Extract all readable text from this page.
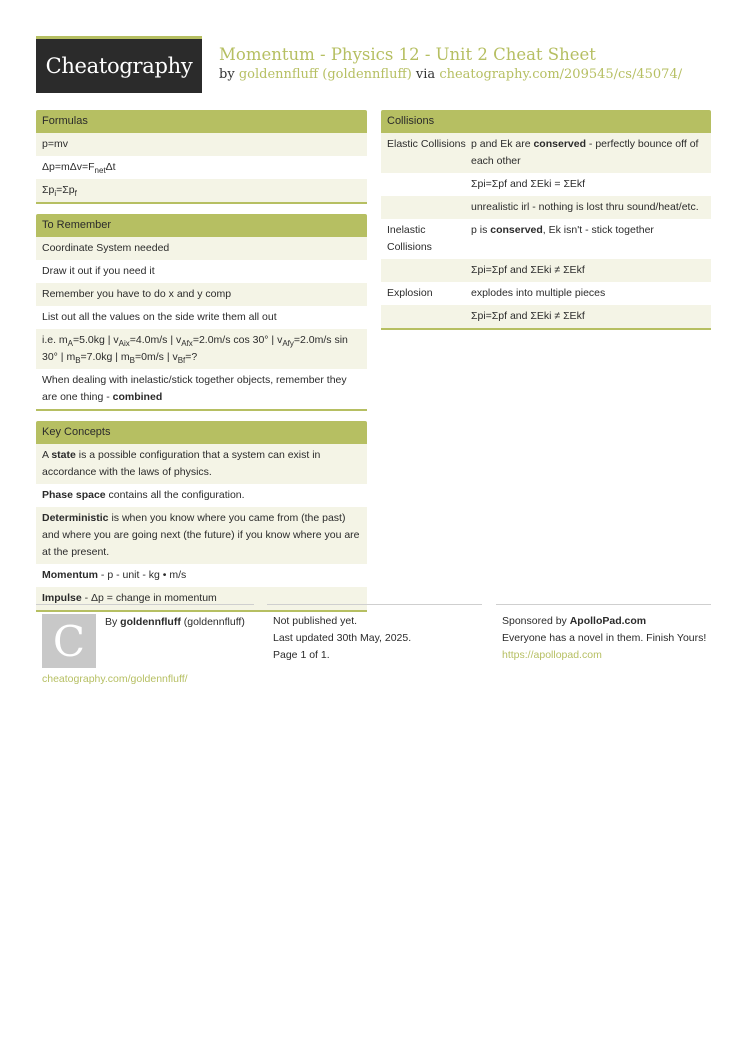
Cheatography Momentum - Physics 12 - Unit 2 Cheat Sheet
by goldennfluff (goldennfluff) via cheatography.com/209545/cs/45074/
Formulas
p=mv
$\Delta p=m\Delta v=F_{net}\Delta t$
$\Sigma p_i=\Sigma p_f$
To Remember
Coordinate System needed
Draw it out if you need it
Remember you have to do x and y comp
List out all the values on the side write them all out
i.e. $m_A=5.0kg$ | $v_{Aix}=4.0m/s$ | $v_{Afx}=2.0m/s$ cos 30° | $v_{Afy}=2.0m/s$ sin 30° | $m_B=7.0kg$ | $m_B=0m/s$ | $v_{Bf}=$?
When dealing with inelastic/stick together objects, remember they are one thing - combined
Key Concepts
A state is a possible configuration that a system can exist in accordance with the laws of physics.
Phase space contains all the configuration.
Deterministic is when you know where you came from (the past) and where you are going next (the future) if you know where you are at the present.
Momentum - p - unit - kg • m/s
Impulse - Δp = change in momentum
Collisions
Elastic Collisions p and Ek are conserved - perfectly bounce off of each other
Σpi=Σpf and ΣEki = ΣEkf
unrealistic irl - nothing is lost thru sound/heat/etc.
Inelastic Collisions
p is conserved, Ek isn't - stick together
Σpi=Σpf and ΣEki ≠ ΣEkf
Explosion	explodes into multiple pieces
Σpi=Σpf and ΣEki ≠ ΣEkf
C	By goldennfluff (goldennfluff)
cheatography.com/goldennfluff/
Not published yet.
Last updated 30th May, 2025.
Page 1 of 1.
Sponsored by ApolloPad.com
Everyone has a novel in them. Finish Yours!
https://apollopad.com
